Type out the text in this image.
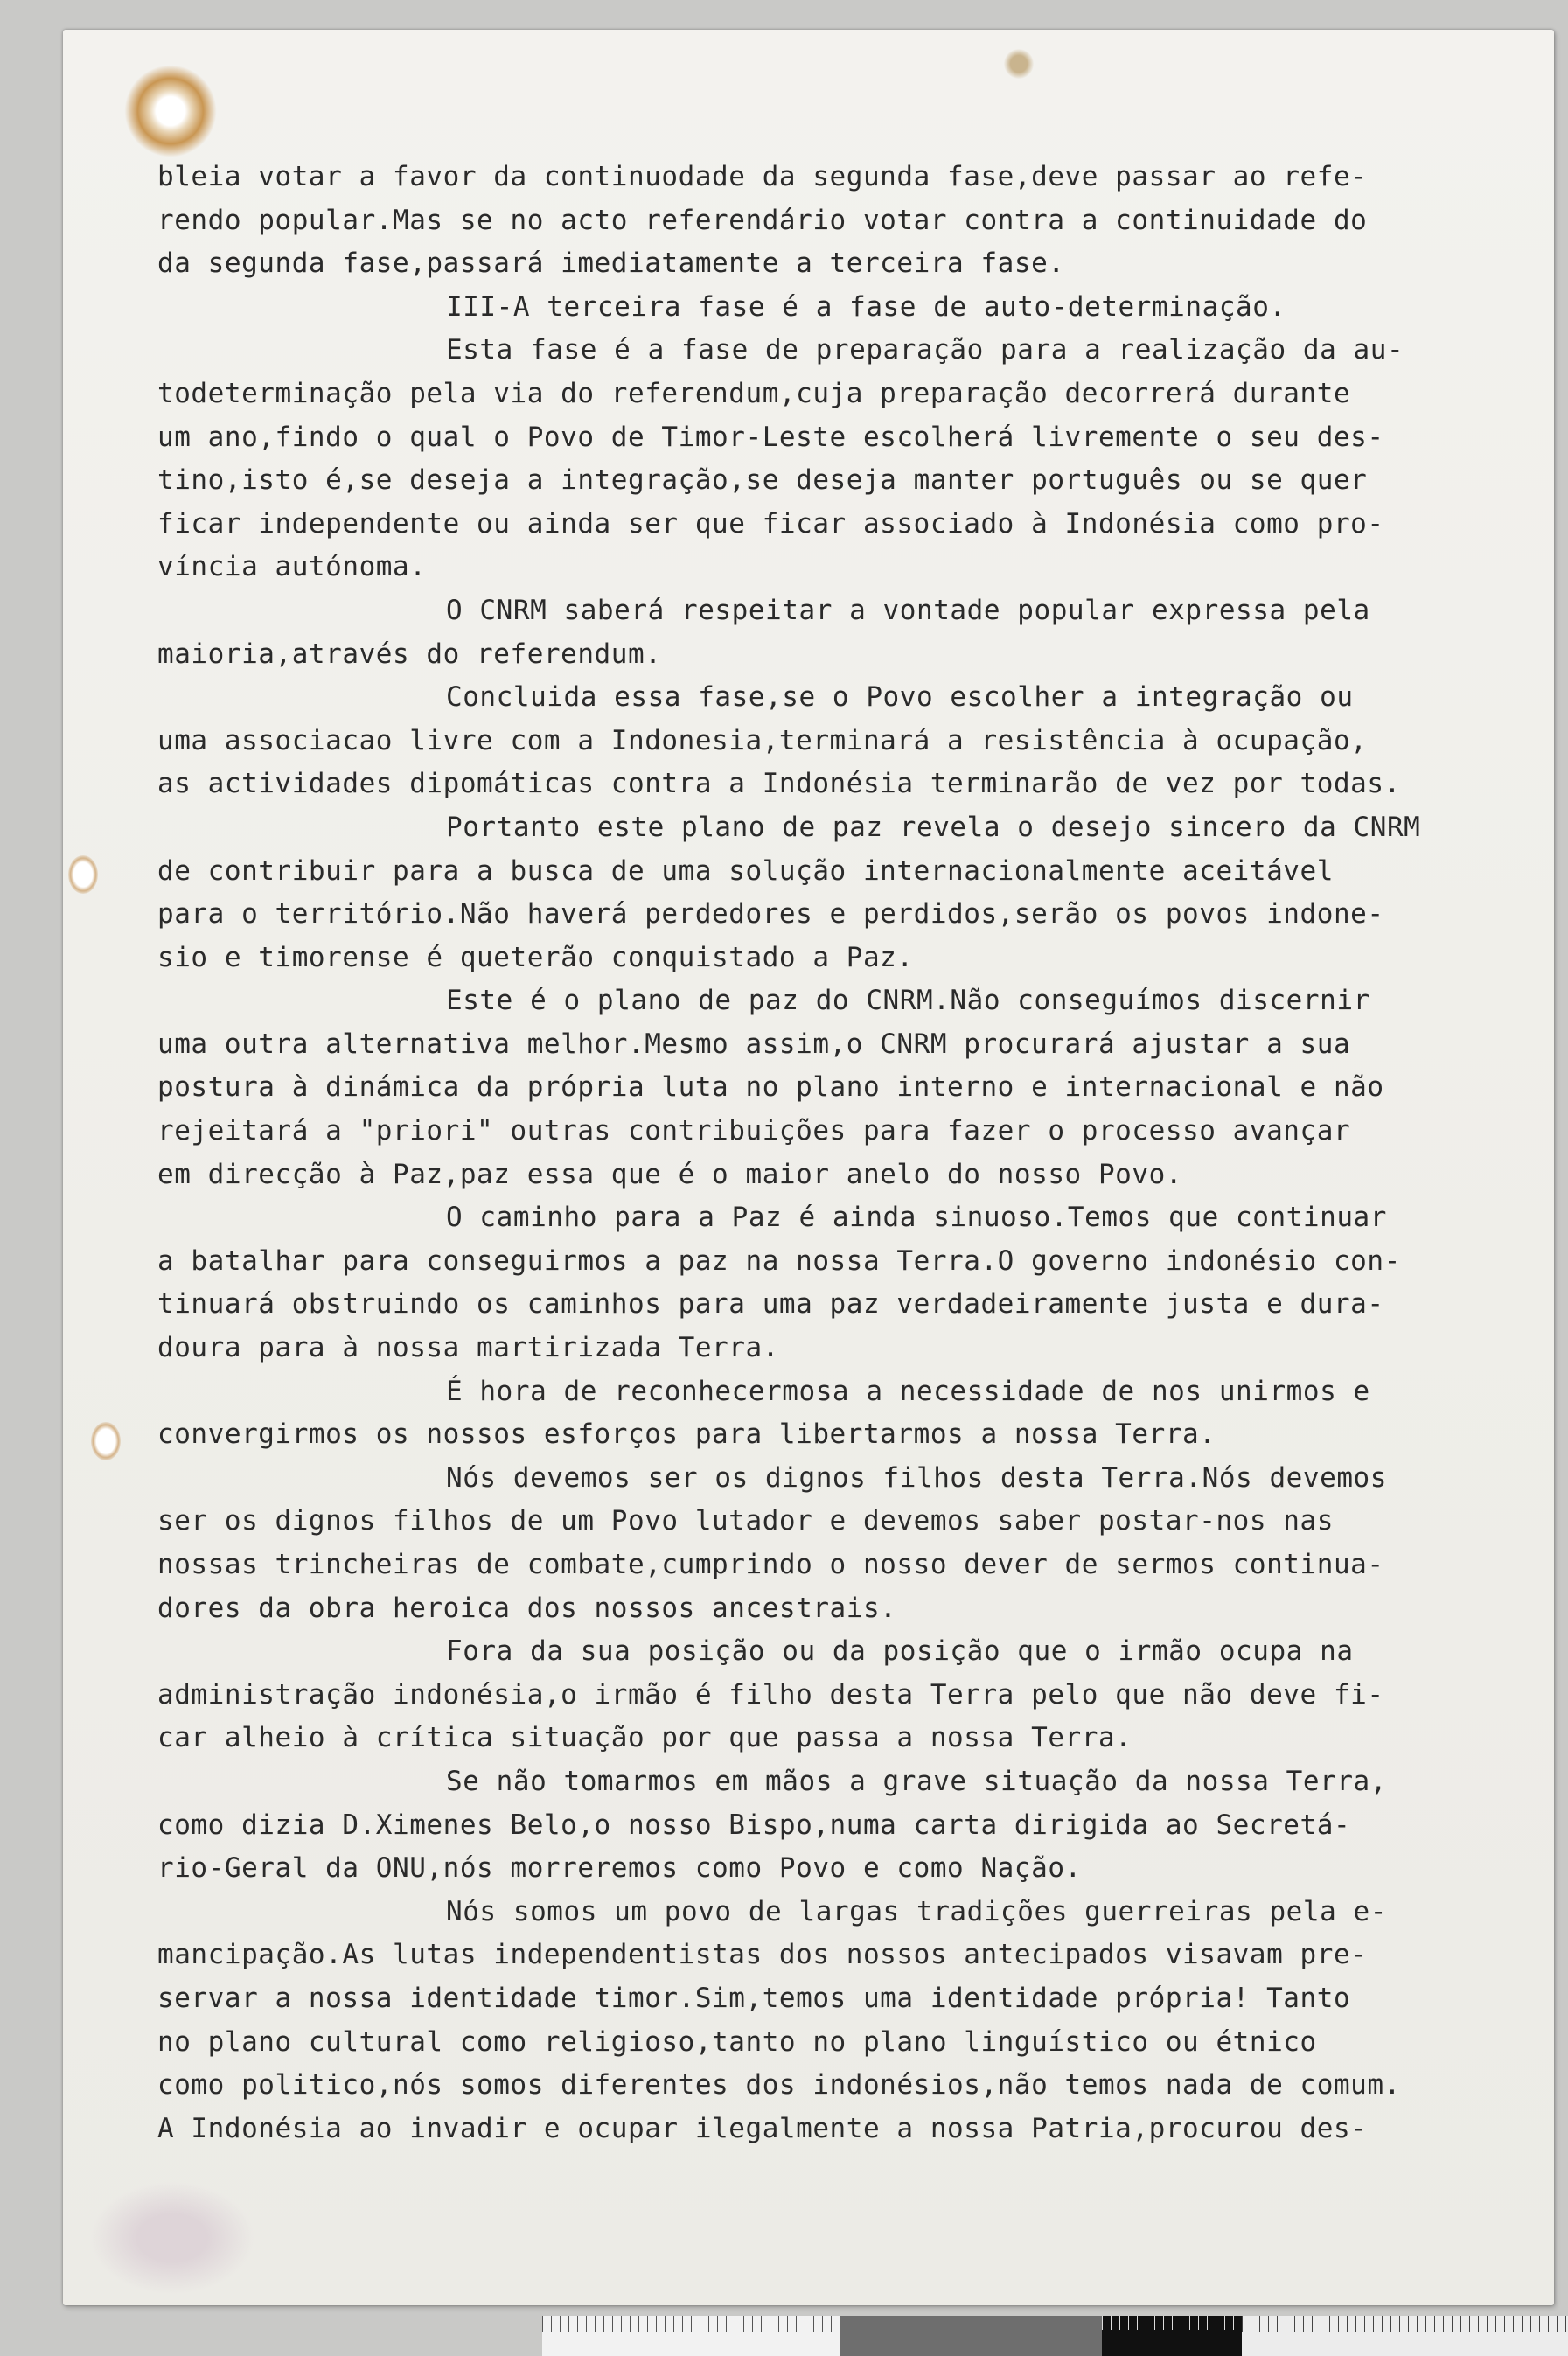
bleia votar a favor da continuodade da segunda fase,deve passar ao refe-
rendo popular.Mas se no acto referendário votar contra a continuidade do
da segunda fase,passará imediatamente a terceira fase.
III-A terceira fase é a fase de auto-determinação.
Esta fase é a fase de preparação para a realização da au-
todeterminação pela via do referendum,cuja preparação decorrerá durante
um ano,findo o qual o Povo de Timor-Leste escolherá livremente o seu des-
tino,isto é,se deseja a integração,se deseja manter português ou se quer
ficar independente ou ainda ser que ficar associado à Indonésia como pro-
víncia autónoma.
O CNRM saberá respeitar a vontade popular expressa pela
maioria,através do referendum.
Concluida essa fase,se o Povo escolher a integração ou
uma associacao livre com a Indonesia,terminará a resistência à ocupação,
as actividades dipomáticas contra a Indonésia terminarão de vez por todas.
Portanto este plano de paz revela o desejo sincero da CNRM
de contribuir para a busca de uma solução internacionalmente aceitável
para o território.Não haverá perdedores e perdidos,serão os povos indone-
sio e timorense é queterão conquistado a Paz.
Este é o plano de paz do CNRM.Não conseguímos discernir
uma outra alternativa melhor.Mesmo assim,o CNRM procurará ajustar a sua
postura à dinámica da própria luta no plano interno e internacional e não
rejeitará a "priori" outras contribuições para fazer o processo avançar
em direcção à Paz,paz essa que é o maior anelo do nosso Povo.
O caminho para a Paz é ainda sinuoso.Temos que continuar
a batalhar para conseguirmos a paz na nossa Terra.O governo indonésio con-
tinuará obstruindo os caminhos para uma paz verdadeiramente justa e dura-
doura para à nossa martirizada Terra.
É hora de reconhecermosa a necessidade de nos unirmos e
convergirmos os nossos esforços para libertarmos a nossa Terra.
Nós devemos ser os dignos filhos desta Terra.Nós devemos
ser os dignos filhos de um Povo lutador e devemos saber postar-nos nas
nossas trincheiras de combate,cumprindo o nosso dever de sermos continua-
dores da obra heroica dos nossos ancestrais.
Fora da sua posição ou da posição que o irmão ocupa na
administração indonésia,o irmão é filho desta Terra pelo que não deve fi-
car alheio à crítica situação por que passa a nossa Terra.
Se não tomarmos em mãos a grave situação da nossa Terra,
como dizia D.Ximenes Belo,o nosso Bispo,numa carta dirigida ao Secretá-
rio-Geral da ONU,nós morreremos como Povo e como Nação.
Nós somos um povo de largas tradições guerreiras pela e-
mancipação.As lutas independentistas dos nossos antecipados visavam pre-
servar a nossa identidade timor.Sim,temos uma identidade própria! Tanto
no plano cultural como religioso,tanto no plano linguístico ou étnico
como politico,nós somos diferentes dos indonésios,não temos nada de comum.
A Indonésia ao invadir e ocupar ilegalmente a nossa Patria,procurou des-
